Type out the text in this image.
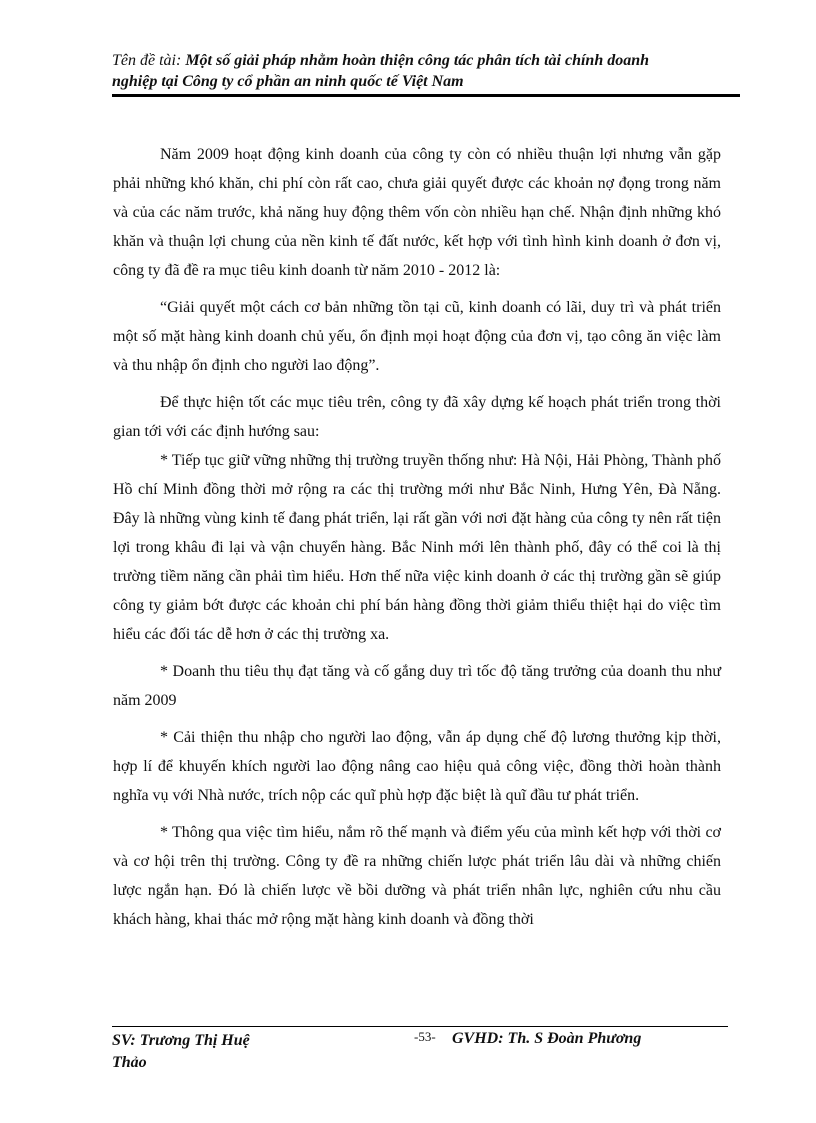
Tên đề tài: Một số giải pháp nhằm hoàn thiện công tác phân tích tài chính doanh
nghiệp tại Công ty cổ phần an ninh quốc tế Việt Nam

Năm 2009 hoạt động kinh doanh của công ty còn có nhiều thuận lợi nhưng vẫn gặp phải những khó khăn, chi phí còn rất cao, chưa giải quyết được các khoản nợ đọng trong năm và của các năm trước, khả năng huy động thêm vốn còn nhiều hạn chế. Nhận định những khó khăn và thuận lợi chung của nền kinh tế đất nước, kết hợp với tình hình kinh doanh ở đơn vị, công ty đã đề ra mục tiêu kinh doanh từ năm 2010 - 2012 là:

“Giải quyết một cách cơ bản những tồn tại cũ, kinh doanh có lãi, duy trì và phát triển một số mặt hàng kinh doanh chủ yếu, ổn định mọi hoạt động của đơn vị, tạo công ăn việc làm và thu nhập ổn định cho người lao động”.

Để thực hiện tốt các mục tiêu trên, công ty đã xây dựng kế hoạch phát triển trong thời gian tới với các định hướng sau:

* Tiếp tục giữ vững những thị trường truyền thống như: Hà Nội, Hải Phòng, Thành phố Hồ chí Minh đồng thời mở rộng ra các thị trường mới như Bắc Ninh, Hưng Yên, Đà Nẵng. Đây là những vùng kinh tế đang phát triển, lại rất gần với nơi đặt hàng của công ty nên rất tiện lợi trong khâu đi lại và vận chuyển hàng. Bắc Ninh mới lên thành phố, đây có thể coi là thị trường tiềm năng cần phải tìm hiểu. Hơn thế nữa việc kinh doanh ở các thị trường gần sẽ giúp công ty giảm bớt được các khoản chi phí bán hàng đồng thời giảm thiểu thiệt hại do việc tìm hiểu các đối tác dễ hơn ở các thị trường xa.

* Doanh thu tiêu thụ đạt tăng và cố gắng duy trì tốc độ tăng trưởng của doanh thu như năm 2009

* Cải thiện thu nhập cho người lao động, vẫn áp dụng chế độ lương thưởng kịp thời, hợp lí để khuyến khích người lao động nâng cao hiệu quả công việc, đồng thời hoàn thành nghĩa vụ với Nhà nước, trích nộp các quĩ phù hợp đặc biệt là quĩ đầu tư phát triển.

* Thông qua việc tìm hiểu, nắm rõ thế mạnh và điểm yếu của mình kết hợp với thời cơ và cơ hội trên thị trường. Công ty đề ra những chiến lược phát triển lâu dài và những chiến lược ngắn hạn. Đó là chiến lược về bồi dưỡng và phát triển nhân lực, nghiên cứu nhu cầu khách hàng, khai thác mở rộng mặt hàng kinh doanh và đồng thời

SV: Trương Thị Huệ Thảo
-53- GVHD: Th. S Đoàn Phương
